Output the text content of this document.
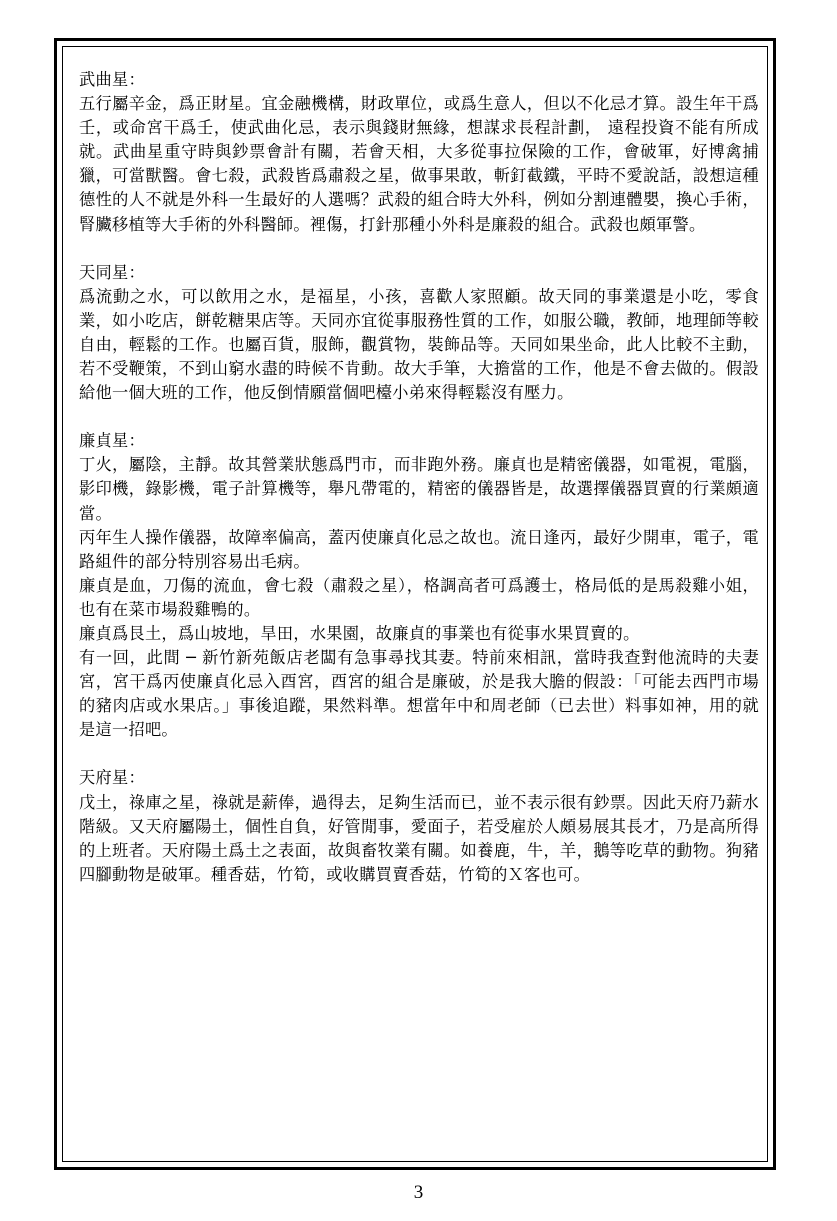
武曲星：
五行屬辛金，爲正財星。宜金融機構，財政單位，或爲生意人，但以不化忌才算。設生年干爲壬，或命宮干爲壬，使武曲化忌，表示與錢財無緣，想謀求長程計劃， 遠程投資不能有所成就。武曲星重守時與鈔票會計有關，若會天相，大多從事拉保險的工作，會破軍，好博禽捕獵，可當獸醫。會七殺，武殺皆爲肅殺之星，做事果敢，斬釘截鐵，平時不愛說話，設想這種德性的人不就是外科一生最好的人選嗎？武殺的組合時大外科，例如分割連體嬰，換心手術，腎臟移植等大手術的外科醫師。裡傷，打針那種小外科是廉殺的組合。武殺也頗軍警。
天同星：
爲流動之水，可以飲用之水，是福星，小孩，喜歡人家照顧。故天同的事業還是小吃，零食業，如小吃店，餅乾糖果店等。天同亦宜從事服務性質的工作，如服公職，教師，地理師等較自由，輕鬆的工作。也屬百貨，服飾，觀賞物，裝飾品等。天同如果坐命，此人比較不主動，若不受鞭策，不到山窮水盡的時候不肯動。故大手筆，大擔當的工作，他是不會去做的。假設給他一個大班的工作，他反倒情願當個吧檯小弟來得輕鬆沒有壓力。
廉貞星：
丁火，屬陰，主靜。故其營業狀態爲門市，而非跑外務。廉貞也是精密儀器，如電視，電腦，影印機，錄影機，電子計算機等，舉凡帶電的，精密的儀器皆是，故選擇儀器買賣的行業頗適當。
丙年生人操作儀器，故障率偏高，蓋丙使廉貞化忌之故也。流日逢丙，最好少開車，電子，電路組件的部分特別容易出毛病。
廉貞是血，刀傷的流血，會七殺（肅殺之星），格調高者可爲護士，格局低的是馬殺雞小姐，也有在菜市場殺雞鴨的。
廉貞爲艮土，爲山坡地，旱田，水果園，故廉貞的事業也有從事水果買賣的。
有一回，此間 ─ 新竹新苑飯店老闆有急事尋找其妻。特前來相訊，當時我查對他流時的夫妻宮，宮干爲丙使廉貞化忌入酉宮，酉宮的組合是廉破，於是我大膽的假設：「可能去西門市場的豬肉店或水果店。」事後追蹤，果然料準。想當年中和周老師（已去世）料事如神，用的就是這一招吧。
天府星：
戊土，祿庫之星，祿就是薪俸，過得去，足夠生活而已，並不表示很有鈔票。因此天府乃薪水階級。又天府屬陽土，個性自負，好管閒事，愛面子，若受雇於人頗易展其長才，乃是高所得的上班者。天府陽土爲土之表面，故與畜牧業有關。如養鹿，牛，羊，鵝等吃草的動物。狗豬四腳動物是破軍。種香菇，竹筍，或收購買賣香菇，竹筍的Ｘ客也可。
3
